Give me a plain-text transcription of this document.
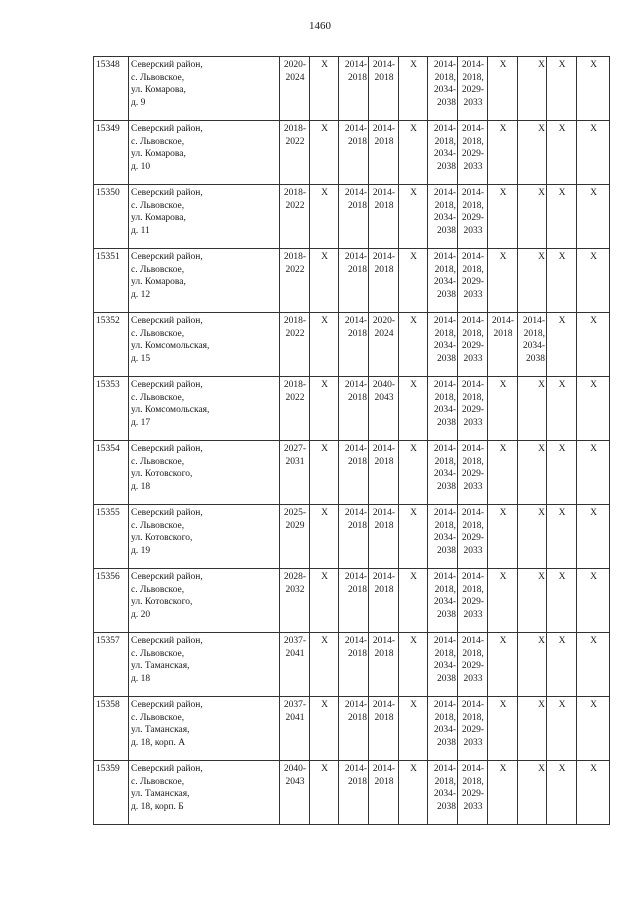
1460
15348	Северский район,
с. Львовское,
ул. Комарова,
д. 9	2020-
2024	X	2014-
2018	2014-
2018	X	2014-
2018,
2034-
2038	2014-
2018,
2029-
2033	X	X	X	X
15349	Северский район,
с. Львовское,
ул. Комарова,
д. 10	2018-
2022	X	2014-
2018	2014-
2018	X	2014-
2018,
2034-
2038	2014-
2018,
2029-
2033	X	X	X	X
15350	Северский район,
с. Львовское,
ул. Комарова,
д. 11	2018-
2022	X	2014-
2018	2014-
2018	X	2014-
2018,
2034-
2038	2014-
2018,
2029-
2033	X	X	X	X
15351	Северский район,
с. Львовское,
ул. Комарова,
д. 12	2018-
2022	X	2014-
2018	2014-
2018	X	2014-
2018,
2034-
2038	2014-
2018,
2029-
2033	X	X	X	X
15352	Северский район,
с. Львовское,
ул. Комсомольская,
д. 15	2018-
2022	X	2014-
2018	2020-
2024	X	2014-
2018,
2034-
2038	2014-
2018,
2029-
2033	2014-
2018	2014-
2018,
2034-
2038	X	X
15353	Северский район,
с. Львовское,
ул. Комсомольская,
д. 17	2018-
2022	X	2014-
2018	2040-
2043	X	2014-
2018,
2034-
2038	2014-
2018,
2029-
2033	X	X	X	X
15354	Северский район,
с. Львовское,
ул. Котовского,
д. 18	2027-
2031	X	2014-
2018	2014-
2018	X	2014-
2018,
2034-
2038	2014-
2018,
2029-
2033	X	X	X	X
15355	Северский район,
с. Львовское,
ул. Котовского,
д. 19	2025-
2029	X	2014-
2018	2014-
2018	X	2014-
2018,
2034-
2038	2014-
2018,
2029-
2033	X	X	X	X
15356	Северский район,
с. Львовское,
ул. Котовского,
д. 20	2028-
2032	X	2014-
2018	2014-
2018	X	2014-
2018,
2034-
2038	2014-
2018,
2029-
2033	X	X	X	X
15357	Северский район,
с. Львовское,
ул. Таманская,
д. 18	2037-
2041	X	2014-
2018	2014-
2018	X	2014-
2018,
2034-
2038	2014-
2018,
2029-
2033	X	X	X	X
15358	Северский район,
с. Львовское,
ул. Таманская,
д. 18, корп. А	2037-
2041	X	2014-
2018	2014-
2018	X	2014-
2018,
2034-
2038	2014-
2018,
2029-
2033	X	X	X	X
15359	Северский район,
с. Львовское,
ул. Таманская,
д. 18, корп. Б	2040-
2043	X	2014-
2018	2014-
2018	X	2014-
2018,
2034-
2038	2014-
2018,
2029-
2033	X	X	X	X
